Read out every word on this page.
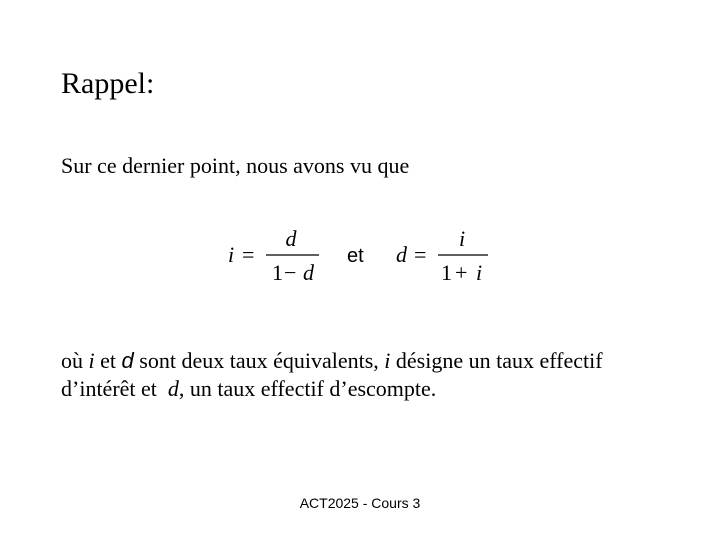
Rappel:
Sur ce dernier point, nous avons vu que
i =
d
1 − d
et d =
i
1 + i
où i et d sont deux taux équivalents, i désigne un taux effectif
d’intérêt et d, un taux effectif d’escompte.
ACT2025 - Cours 3
